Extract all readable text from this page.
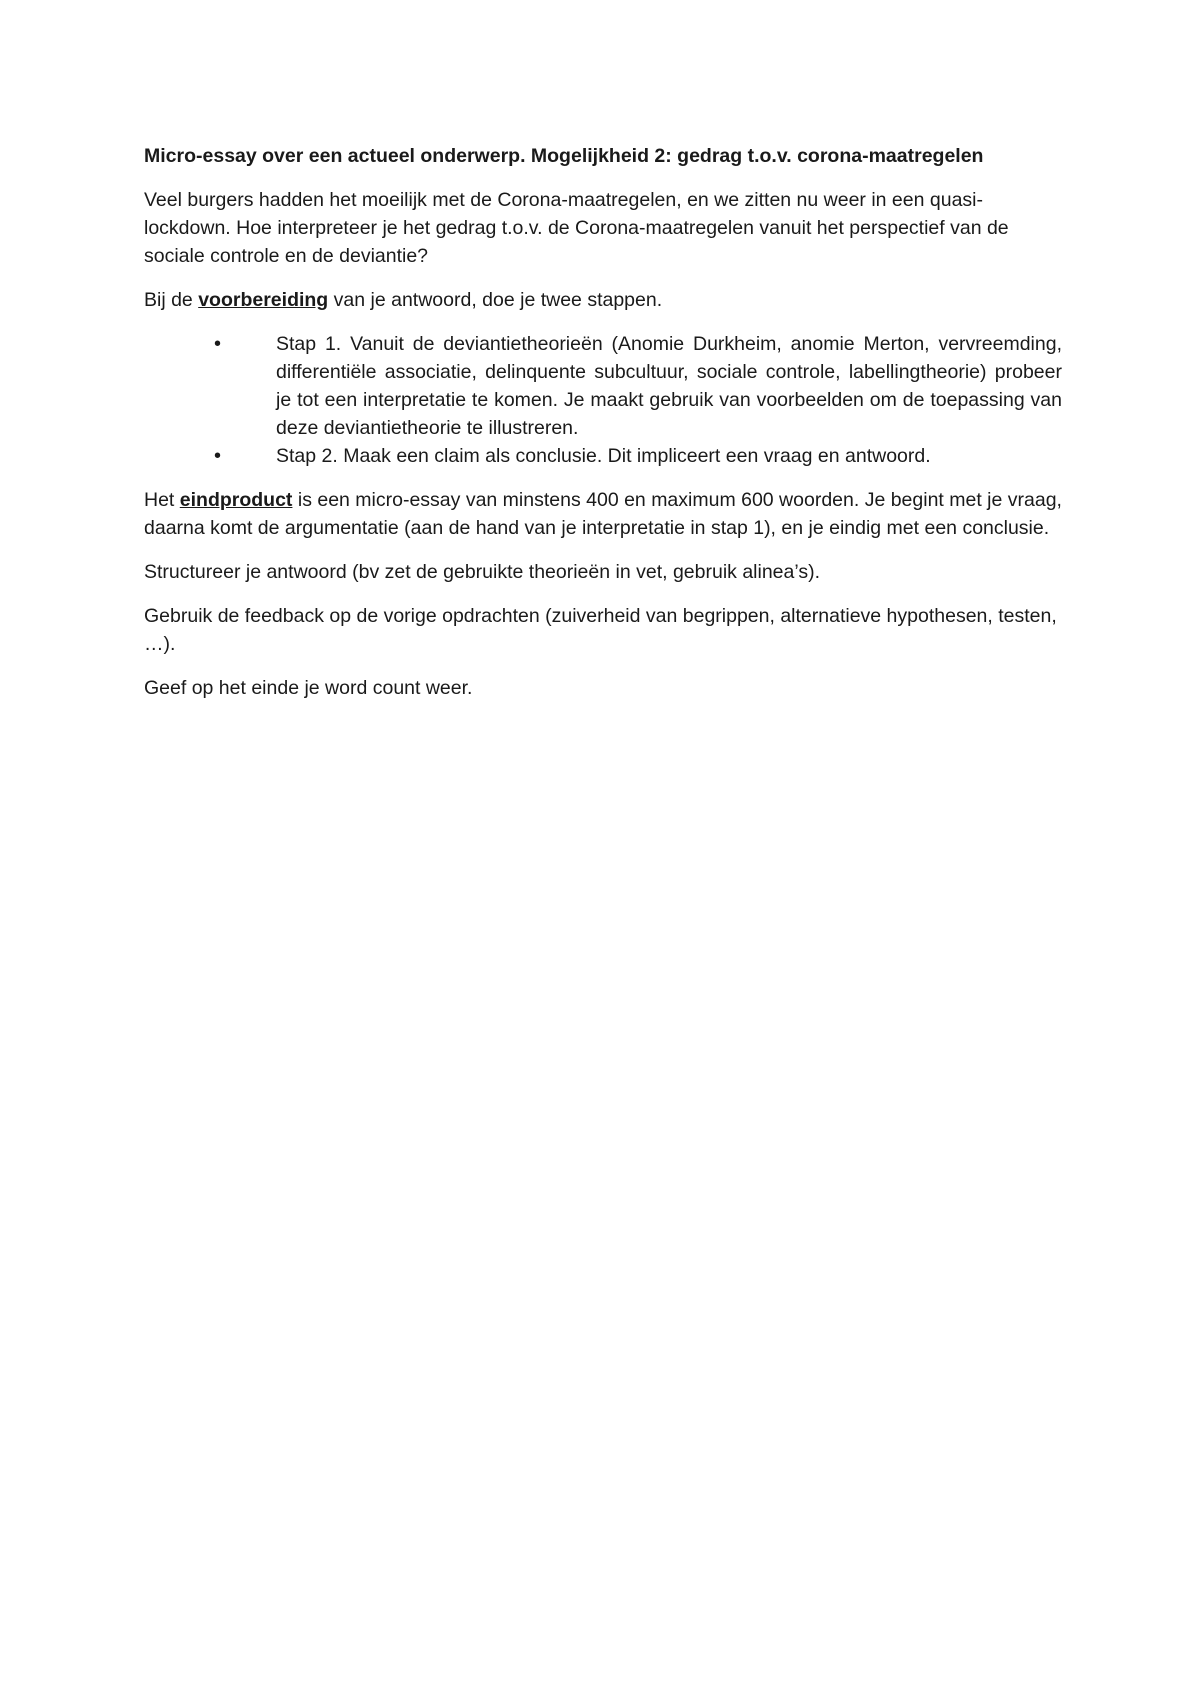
Micro-essay over een actueel onderwerp. Mogelijkheid 2: gedrag t.o.v. corona-maatregelen

Veel burgers hadden het moeilijk met de Corona-maatregelen, en we zitten nu weer in een quasi-lockdown. Hoe interpreteer je het gedrag t.o.v. de Corona-maatregelen vanuit het perspectief van de sociale controle en de deviantie?

Bij de voorbereiding van je antwoord, doe je twee stappen.

•	Stap 1. Vanuit de deviantietheorieën (Anomie Durkheim, anomie Merton, vervreemding, differentiële associatie, delinquente subcultuur, sociale controle, labellingtheorie) probeer je tot een interpretatie te komen. Je maakt gebruik van voorbeelden om de toepassing van deze deviantietheorie te illustreren.
•	Stap 2. Maak een claim als conclusie. Dit impliceert een vraag en antwoord.

Het eindproduct is een micro-essay van minstens 400 en maximum 600 woorden. Je begint met je vraag, daarna komt de argumentatie (aan de hand van je interpretatie in stap 1), en je eindig met een conclusie.

Structureer je antwoord (bv zet de gebruikte theorieën in vet, gebruik alinea’s).

Gebruik de feedback op de vorige opdrachten (zuiverheid van begrippen, alternatieve hypothesen, testen, …).

Geef op het einde je word count weer.
